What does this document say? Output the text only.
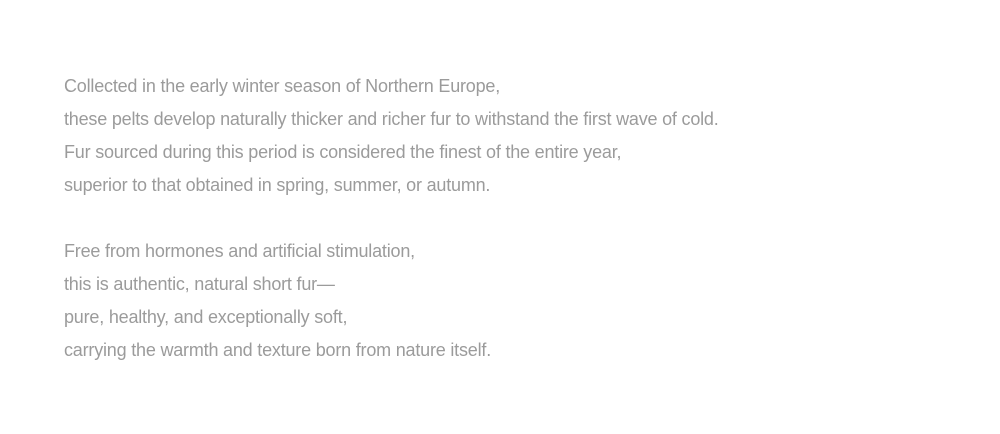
Collected in the early winter season of Northern Europe,
these pelts develop naturally thicker and richer fur to withstand the first wave of cold.
Fur sourced during this period is considered the finest of the entire year,
superior to that obtained in spring, summer, or autumn.
Free from hormones and artificial stimulation,
this is authentic, natural short fur—
pure, healthy, and exceptionally soft,
carrying the warmth and texture born from nature itself.
